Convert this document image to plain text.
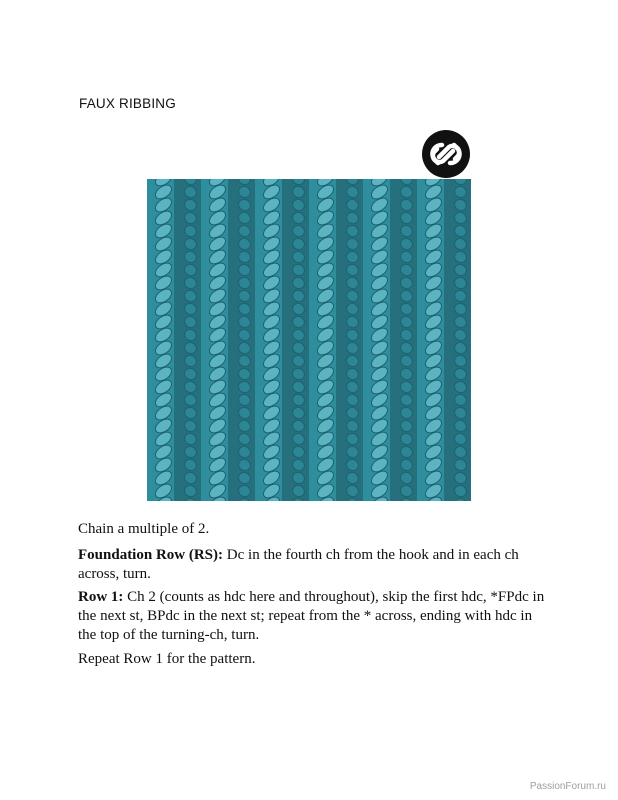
FAUX RIBBING
Chain a multiple of 2.
Foundation Row (RS): Dc in the fourth ch from the hook and in each ch across, turn.
Row 1: Ch 2 (counts as hdc here and throughout), skip the first hdc, *FPdc in the next st, BPdc in the next st; repeat from the * across, ending with hdc in the top of the turning-ch, turn.
Repeat Row 1 for the pattern.
PassionForum.ru
